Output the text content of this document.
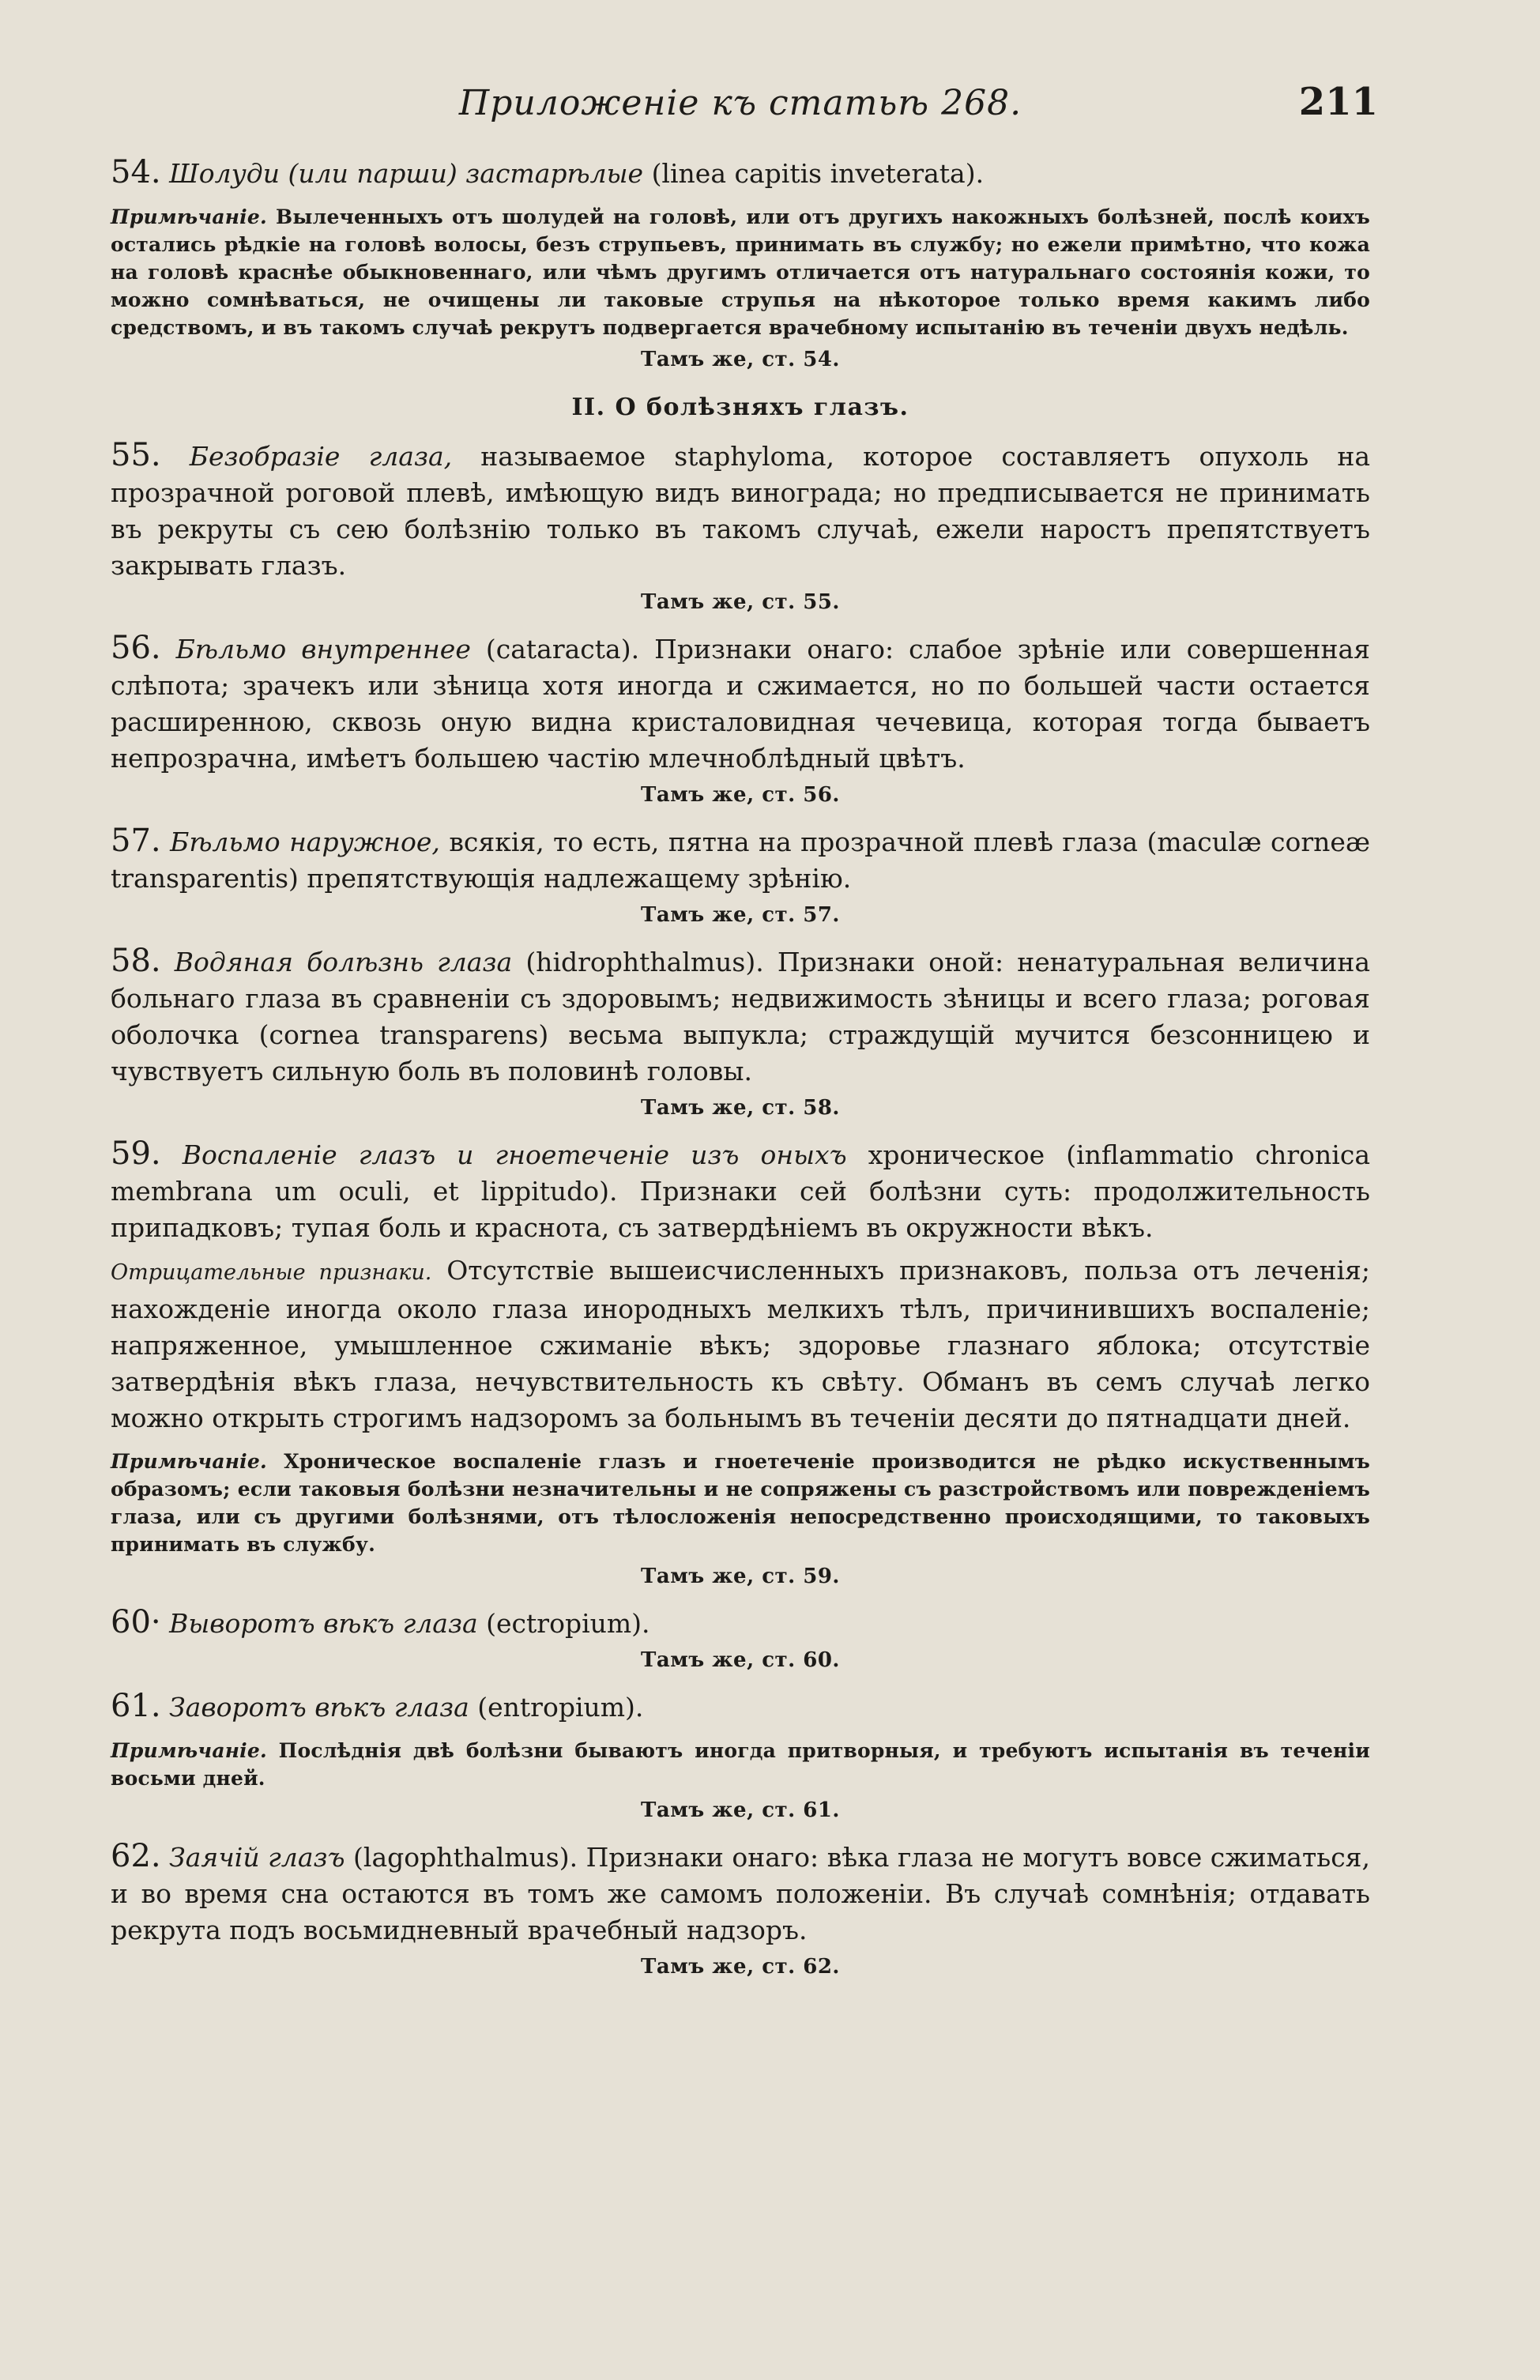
Приложенiе къ статьѣ 268.	211

54. Шолуди (или парши) застарѣлые (linea capitis inveterata).

Примѣчанiе. Вылеченныхъ отъ шолудей на головѣ, или отъ другихъ накожныхъ болѣзней, послѣ коихъ остались рѣдкiе на головѣ волосы, безъ струпьевъ, принимать въ службу; но ежели примѣтно, что кожа на головѣ краснѣе обыкновеннаго, или чѣмъ другимъ отличается отъ натуральнаго состоянiя кожи, то можно сомнѣваться, не очищены ли таковые струпья на нѣкоторое только время какимъ либо средствомъ, и въ такомъ случаѣ рекрутъ подвергается врачебному испытанiю въ теченiи двухъ недѣль.

Тамъ же, ст. 54.
II. О болѣзняхъ глазъ.

55. Безобразiе глаза, называемое staphyloma, которое составляетъ опухоль на прозрачной роговой плевѣ, имѣющую видъ винограда; но предписывается не принимать въ рекруты съ сею болѣзнiю только въ такомъ случаѣ, ежели наростъ препятствуетъ закрывать глазъ.

Тамъ же, ст. 55.

56. Бѣльмо внутреннее (cataracta). Признаки онаго: слабое зрѣнiе или совершенная слѣпота; зрачекъ или зѣница хотя иногда и сжимается, но по большей части остается расширенною, сквозь оную видна кристаловидная чечевица, которая тогда бываетъ непрозрачна, имѣетъ большею частiю млечноблѣдный цвѣтъ.

Тамъ же, ст. 56.

57. Бѣльмо наружное, всякiя, то есть, пятна на прозрачной плевѣ глаза (maculæ corneæ transparentis) препятствующiя надлежащему зрѣнiю.

Тамъ же, ст. 57.

58. Водяная болѣзнь глаза (hidrophthalmus). Признаки оной: ненатуральная величина больнаго глаза въ сравненiи съ здоровымъ; недвижимость зѣницы и всего глаза; роговая оболочка (cornea transparens) весьма выпукла; страждущiй мучится безсонницею и чувствуетъ сильную боль въ половинѣ головы.

Тамъ же, ст. 58.

59. Воспаленiе глазъ и гноетеченiе изъ оныхъ хроническое (inflammatio chronica membrana um oculi, et lippitudo). Признаки сей болѣзни суть: продолжительность припадковъ; тупая боль и краснота, съ затвердѣнiемъ въ окружности вѣкъ.

Отрицательные признаки. Отсутствiе вышеисчисленныхъ признаковъ, польза отъ леченiя; нахожденiе иногда около глаза инородныхъ мелкихъ тѣлъ, причинившихъ воспаленiе; напряженное, умышленное сжиманiе вѣкъ; здоровье глазнаго яблока; отсутствiе затвердѣнiя вѣкъ глаза, нечувствительность къ свѣту. Обманъ въ семъ случаѣ легко можно открыть строгимъ надзоромъ за больнымъ въ теченiи десяти до пятнадцати дней.

Примѣчанiе. Хроническое воспаленiе глазъ и гноетеченiе производится не рѣдко искуственнымъ образомъ; если таковыя болѣзни незначительны и не сопряжены съ разстройствомъ или поврежденiемъ глаза, или съ другими болѣзнями, отъ тѣлосложенiя непосредственно происходящими, то таковыхъ принимать въ службу.

Тамъ же, ст. 59.

60· Выворотъ вѣкъ глаза (ectropium).

Тамъ же, ст. 60.

61. Заворотъ вѣкъ глаза (entropium).

Примѣчанiе. Послѣднiя двѣ болѣзни бываютъ иногда притворныя, и требуютъ испытанiя въ теченiи восьми дней.

Тамъ же, ст. 61.

62. Заячiй глазъ (lagophthalmus). Признаки онаго: вѣка глаза не могутъ вовсе сжиматься, и во время сна остаются въ томъ же самомъ положенiи. Въ случаѣ сомнѣнiя; отдавать рекрута подъ восьмидневный врачебный надзоръ.

Тамъ же, ст. 62.
